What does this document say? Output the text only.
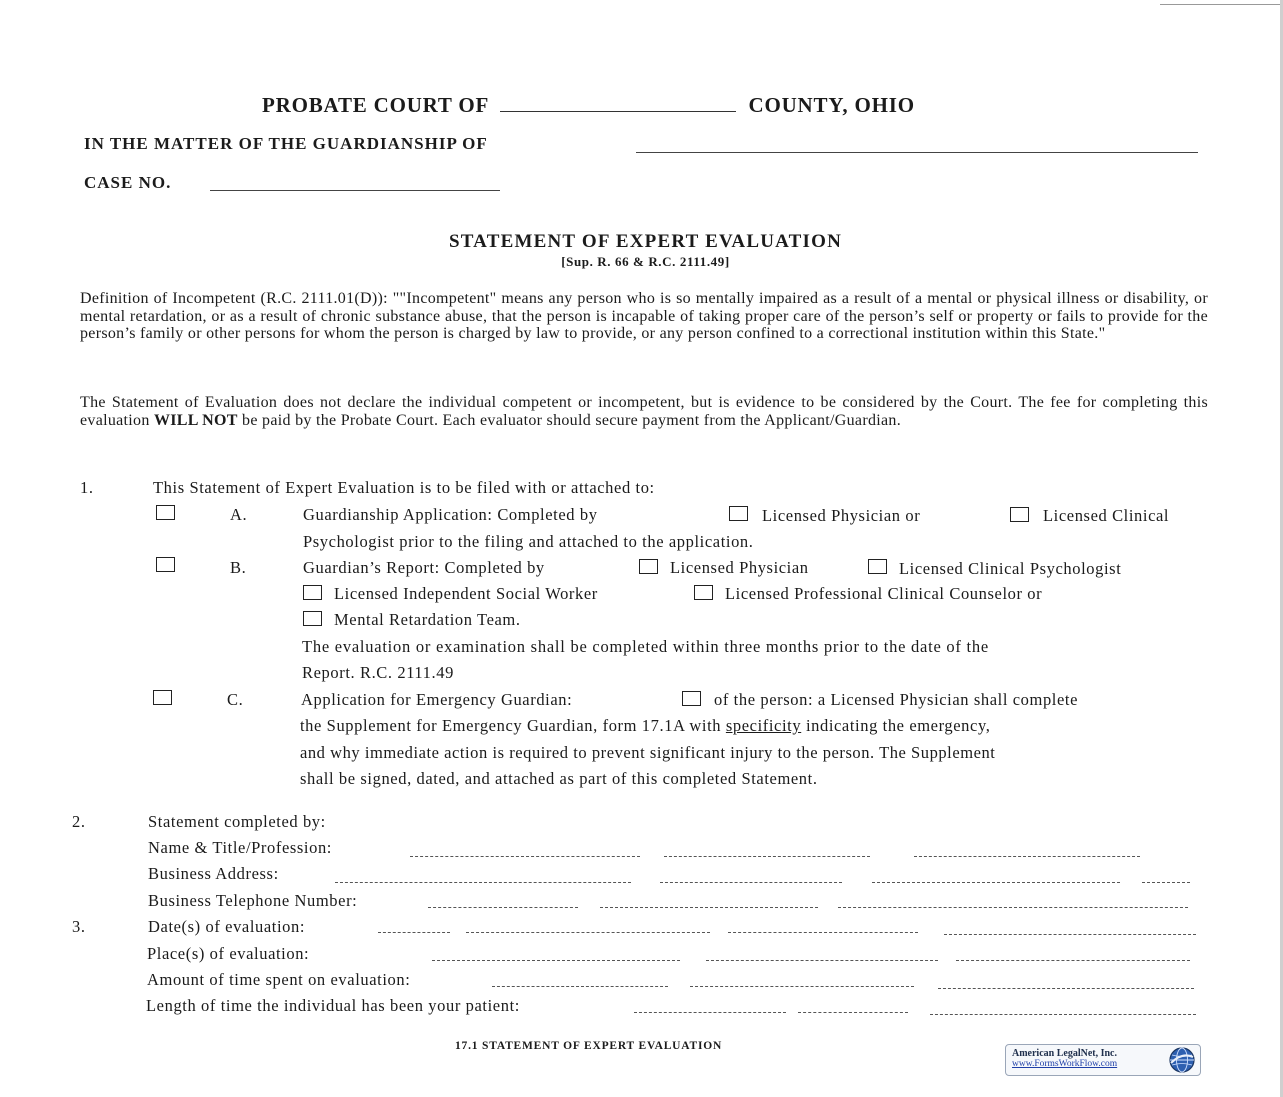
PROBATE COURT OF	COUNTY, OHIO
IN THE MATTER OF THE GUARDIANSHIP OF
CASE NO.
STATEMENT OF EXPERT EVALUATION
[Sup. R. 66 & R.C. 2111.49]
Definition of Incompetent (R.C. 2111.01(D)): ""Incompetent" means any person who is so mentally impaired as a result of a mental or physical illness or disability, or mental retardation, or as a result of chronic substance abuse, that the person is incapable of taking proper care of the person’s self or property or fails to provide for the person’s family or other persons for whom the person is charged by law to provide, or any person confined to a correctional institution within this State."
The Statement of Evaluation does not declare the individual competent or incompetent, but is evidence to be considered by the Court. The fee for completing this evaluation WILL NOT be paid by the Probate Court. Each evaluator should secure payment from the Applicant/Guardian.
1.	This Statement of Expert Evaluation is to be filed with or attached to:
A.	Guardianship Application: Completed by	Licensed Physician or	Licensed Clinical
Psychologist prior to the filing and attached to the application.
B.	Guardian’s Report: Completed by	Licensed Physician	Licensed Clinical Psychologist
Licensed Independent Social Worker	Licensed Professional Clinical Counselor or
Mental Retardation Team.
The evaluation or examination shall be completed within three months prior to the date of the
Report. R.C. 2111.49
C.	Application for Emergency Guardian:	of the person: a Licensed Physician shall complete
the Supplement for Emergency Guardian, form 17.1A with specificity indicating the emergency,
and why immediate action is required to prevent significant injury to the person. The Supplement
shall be signed, dated, and attached as part of this completed Statement.
2.	Statement completed by:
Name & Title/Profession:
Business Address:
Business Telephone Number:
3.	Date(s) of evaluation:
Place(s) of evaluation:
Amount of time spent on evaluation:
Length of time the individual has been your patient:
17.1 STATEMENT OF EXPERT EVALUATION
American LegalNet, Inc.
www.FormsWorkFlow.com
